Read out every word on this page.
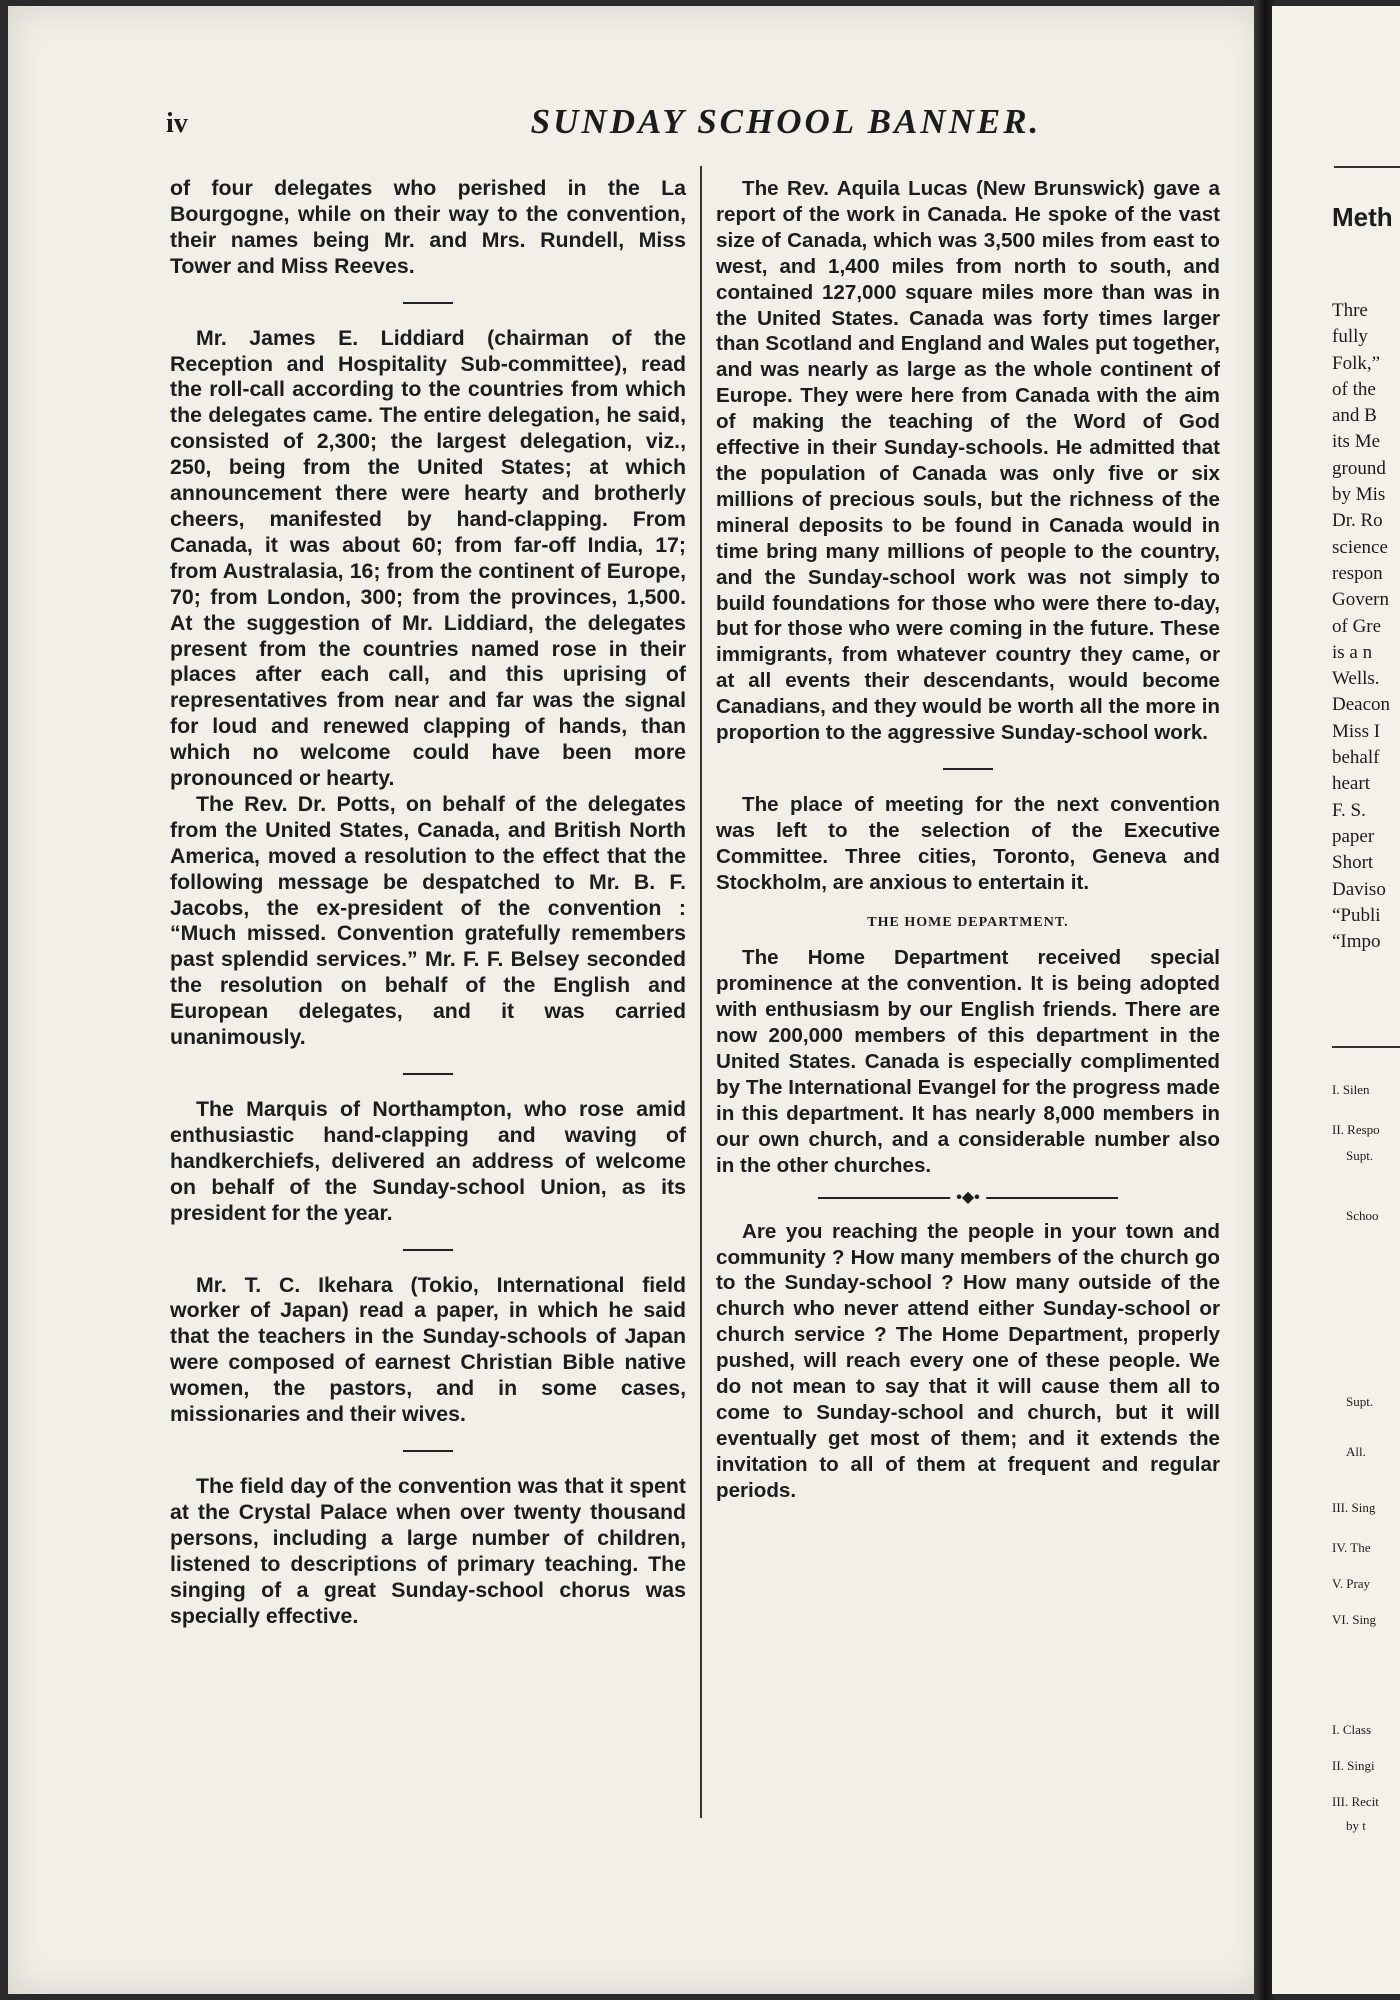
iv	SUNDAY SCHOOL BANNER.

of four delegates who perished in the La Bourgogne, while on their way to the convention, their names being Mr. and Mrs. Rundell, Miss Tower and Miss Reeves.

Mr. James E. Liddiard (chairman of the Reception and Hospitality Sub-committee), read the roll-call according to the countries from which the delegates came. The entire delegation, he said, consisted of 2,300; the largest delegation, viz., 250, being from the United States; at which announcement there were hearty and brotherly cheers, manifested by hand-clapping. From Canada, it was about 60; from far-off India, 17; from Australasia, 16; from the continent of Europe, 70; from London, 300; from the provinces, 1,500. At the suggestion of Mr. Liddiard, the delegates present from the countries named rose in their places after each call, and this uprising of representatives from near and far was the signal for loud and renewed clapping of hands, than which no welcome could have been more pronounced or hearty.

The Rev. Dr. Potts, on behalf of the delegates from the United States, Canada, and British North America, moved a resolution to the effect that the following message be despatched to Mr. B. F. Jacobs, the ex-president of the convention : “Much missed. Convention gratefully remembers past splendid services.” Mr. F. F. Belsey seconded the resolution on behalf of the English and European delegates, and it was carried unanimously.

The Marquis of Northampton, who rose amid enthusiastic hand-clapping and waving of handkerchiefs, delivered an address of welcome on behalf of the Sunday-school Union, as its president for the year.

Mr. T. C. Ikehara (Tokio, International field worker of Japan) read a paper, in which he said that the teachers in the Sunday-schools of Japan were composed of earnest Christian Bible native women, the pastors, and in some cases, missionaries and their wives.

The field day of the convention was that it spent at the Crystal Palace when over twenty thousand persons, including a large number of children, listened to descriptions of primary teaching. The singing of a great Sunday-school chorus was specially effective.

The Rev. Aquila Lucas (New Brunswick) gave a report of the work in Canada. He spoke of the vast size of Canada, which was 3,500 miles from east to west, and 1,400 miles from north to south, and contained 127,000 square miles more than was in the United States. Canada was forty times larger than Scotland and England and Wales put together, and was nearly as large as the whole continent of Europe. They were here from Canada with the aim of making the teaching of the Word of God effective in their Sunday-schools. He admitted that the population of Canada was only five or six millions of precious souls, but the richness of the mineral deposits to be found in Canada would in time bring many millions of people to the country, and the Sunday-school work was not simply to build foundations for those who were there to-day, but for those who were coming in the future. These immigrants, from whatever country they came, or at all events their descendants, would become Canadians, and they would be worth all the more in proportion to the aggressive Sunday-school work.

The place of meeting for the next convention was left to the selection of the Executive Committee. Three cities, Toronto, Geneva and Stockholm, are anxious to entertain it.

THE HOME DEPARTMENT.

The Home Department received special prominence at the convention. It is being adopted with enthusiasm by our English friends. There are now 200,000 members of this department in the United States. Canada is especially complimented by The International Evangel for the progress made in this department. It has nearly 8,000 members in our own church, and a considerable number also in the other churches.

•◆•

Are you reaching the people in your town and community ? How many members of the church go to the Sunday-school ? How many outside of the church who never attend either Sunday-school or church service ? The Home Department, properly pushed, will reach every one of these people. We do not mean to say that it will cause them all to come to Sunday-school and church, but it will eventually get most of them; and it extends the invitation to all of them at frequent and regular periods.

Meth
Thre
fully
Folk,”
of the
and B
its Me
ground
by Mis
Dr. Ro
science
respon
Govern
of Gre
is a n
Wells.
Deacon
Miss I
behalf
heart
F. S.
paper
Short
Daviso
“Publi
“Impo
I. Silen
II. Respo
Supt.
Schoo
Supt.
All.
III. Sing
IV. The
V. Pray
VI. Sing
I. Class
II. Singi
III. Recit
by t
